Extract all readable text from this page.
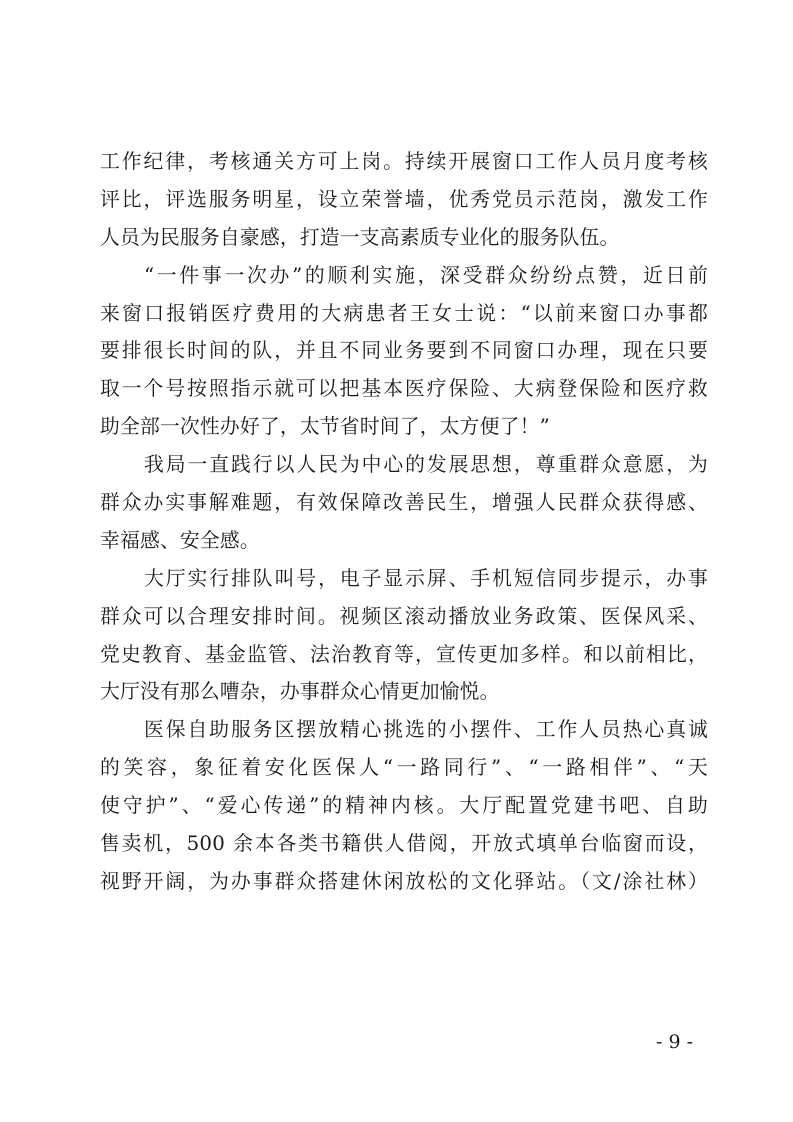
工作纪律，考核通关方可上岗。持续开展窗口工作人员月度考核
评比，评选服务明星，设立荣誉墙，优秀党员示范岗，激发工作
人员为民服务自豪感，打造一支高素质专业化的服务队伍。
“一件事一次办”的顺利实施，深受群众纷纷点赞，近日前
来窗口报销医疗费用的大病患者王女士说：“以前来窗口办事都
要排很长时间的队，并且不同业务要到不同窗口办理，现在只要
取一个号按照指示就可以把基本医疗保险、大病登保险和医疗救
助全部一次性办好了，太节省时间了，太方便了！”
我局一直践行以人民为中心的发展思想，尊重群众意愿，为
群众办实事解难题，有效保障改善民生，增强人民群众获得感、
幸福感、安全感。
大厅实行排队叫号，电子显示屏、手机短信同步提示，办事
群众可以合理安排时间。视频区滚动播放业务政策、医保风采、
党史教育、基金监管、法治教育等，宣传更加多样。和以前相比，
大厅没有那么嘈杂，办事群众心情更加愉悦。
医保自助服务区摆放精心挑选的小摆件、工作人员热心真诚
的笑容，象征着安化医保人“一路同行”、“一路相伴”、“天
使守护”、“爱心传递”的精神内核。大厅配置党建书吧、自助
售卖机，500 余本各类书籍供人借阅，开放式填单台临窗而设，
视野开阔，为办事群众搭建休闲放松的文化驿站。（文/涂社林）
- 9 -
